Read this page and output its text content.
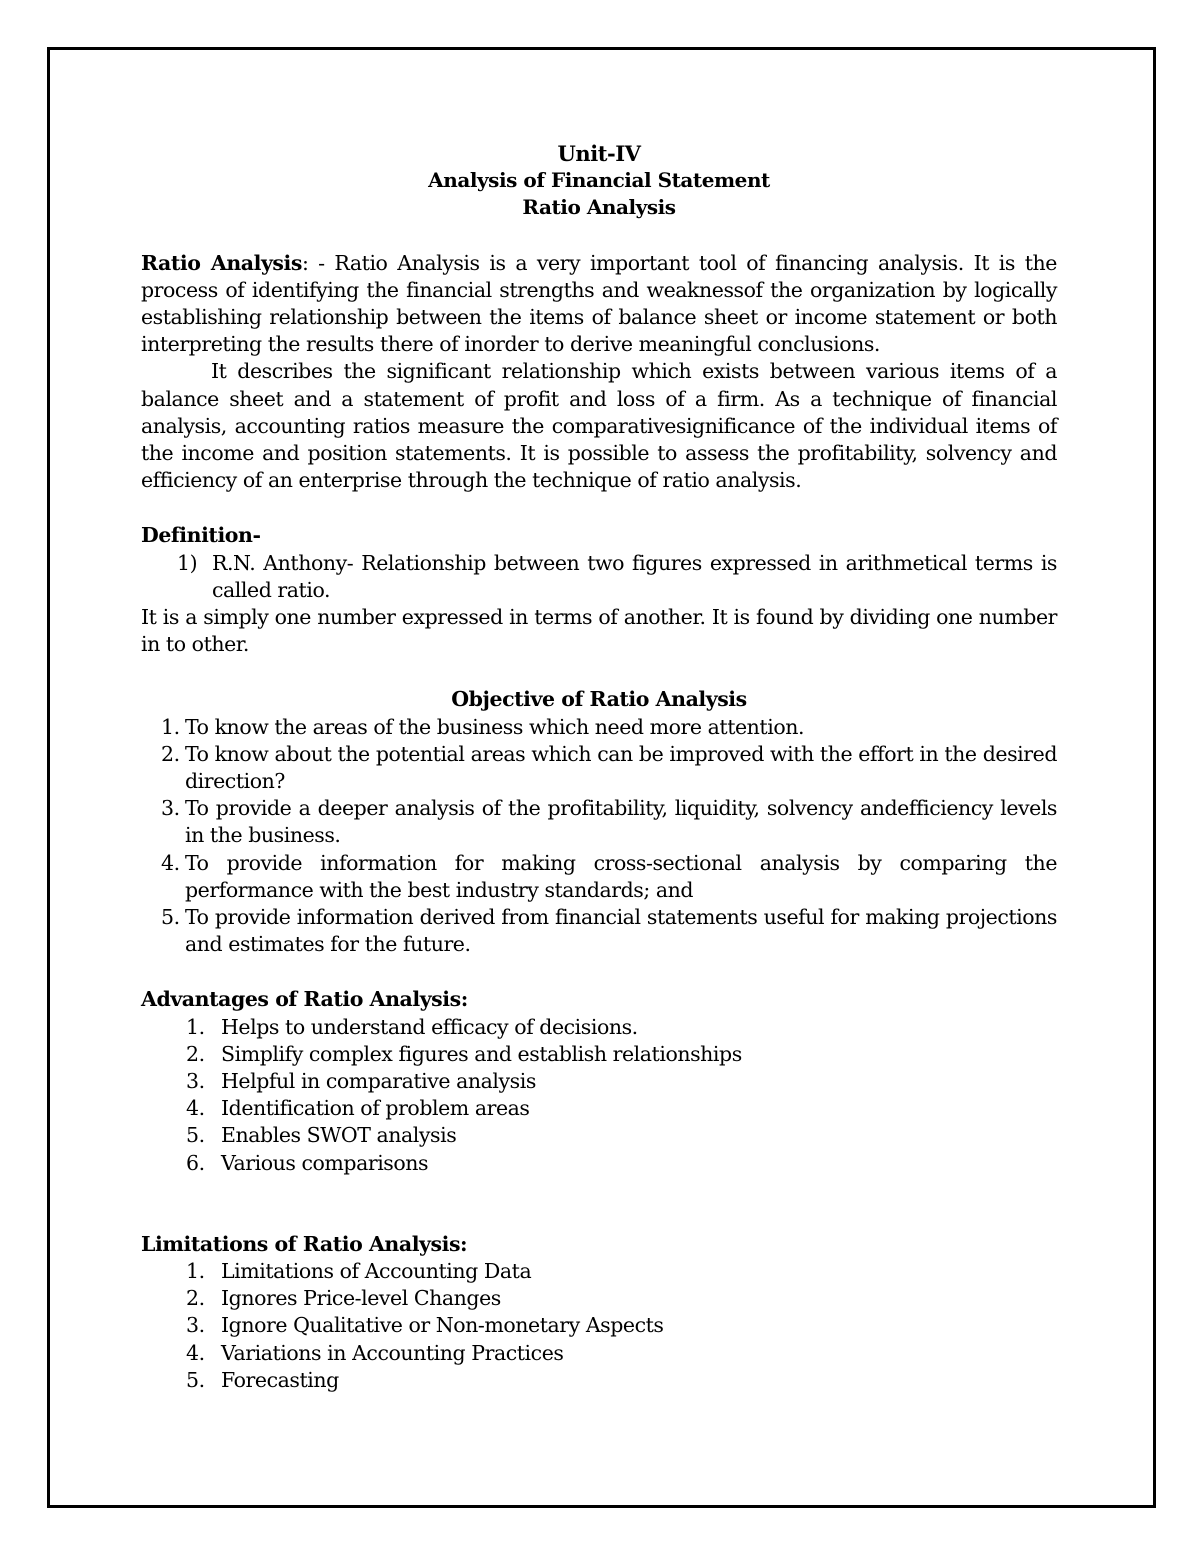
Unit-IV
Analysis of Financial Statement
Ratio Analysis

Ratio Analysis: - Ratio Analysis is a very important tool of financing analysis. It is the process of identifying the financial strengths and weaknessof the organization by logically establishing relationship between the items of balance sheet or income statement or both interpreting the results there of inorder to derive meaningful conclusions.

It describes the significant relationship which exists between various items of a balance sheet and a statement of profit and loss of a firm. As a technique of financial analysis, accounting ratios measure the comparativesignificance of the individual items of the income and position statements. It is possible to assess the profitability, solvency and efficiency of an enterprise through the technique of ratio analysis.

Definition-
1) R.N. Anthony- Relationship between two figures expressed in arithmetical terms is called ratio.

It is a simply one number expressed in terms of another. It is found by dividing one number in to other.

Objective of Ratio Analysis
1. To know the areas of the business which need more attention.
2. To know about the potential areas which can be improved with the effort in the desired direction?
3. To provide a deeper analysis of the profitability, liquidity, solvency andefficiency levels in the business.
4. To provide information for making cross-sectional analysis by comparing the performance with the best industry standards; and
5. To provide information derived from financial statements useful for making projections and estimates for the future.
Advantages of Ratio Analysis:
1. Helps to understand efficacy of decisions.
2. Simplify complex figures and establish relationships
3. Helpful in comparative analysis
4. Identification of problem areas
5. Enables SWOT analysis
6. Various comparisons
Limitations of Ratio Analysis:
1. Limitations of Accounting Data
2. Ignores Price-level Changes
3. Ignore Qualitative or Non-monetary Aspects
4. Variations in Accounting Practices
5. Forecasting
